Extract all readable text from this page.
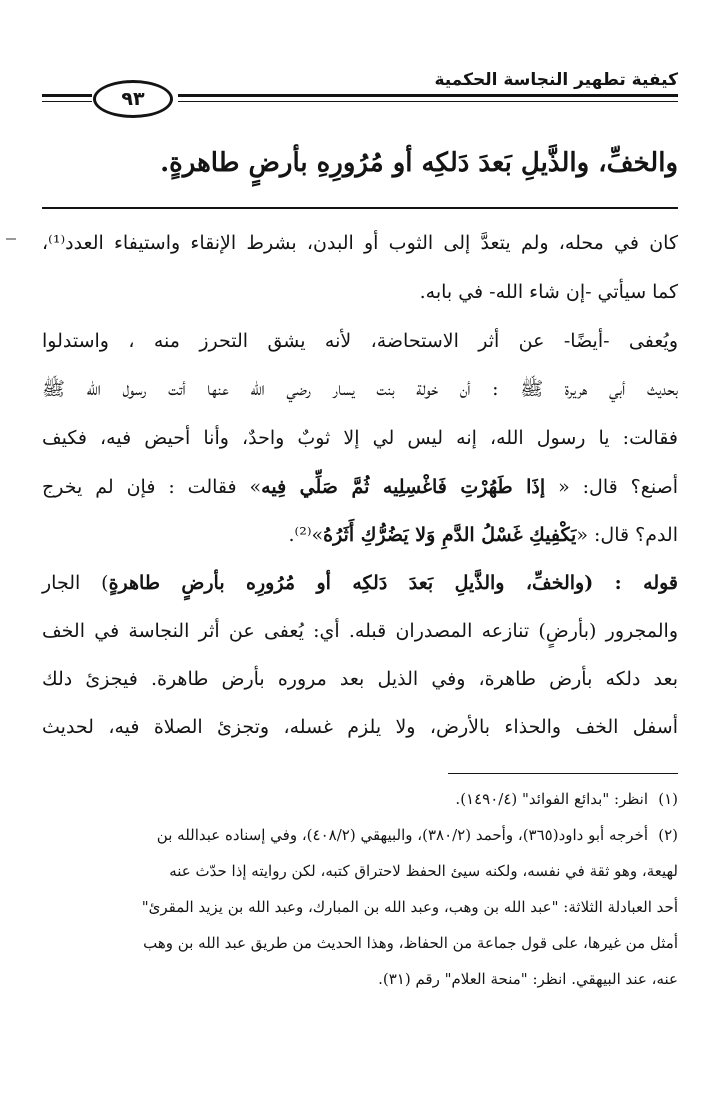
كيفية تطهير النجاسة الحكمية
٩٣
والخفِّ، والذَّيلِ بَعدَ دَلكِه أو مُرُورِهِ بأرضٍ طاهرةٍ.
كان في محله، ولم يتعدَّ إلى الثوب أو البدن، بشرط الإنقاء واستيفاء العدد⁽¹⁾،
كما سيأتي -إن شاء الله- في بابه.
ويُعفى -أيضًا- عن أثر الاستحاضة، لأنه يشق التحرز منه ، واستدلوا
بحديث أبي هريرة ﷺ : أن خولة بنت يسار رضي الله عنها أتت رسول الله ﷺ
فقالت: يا رسول الله، إنه ليس لي إلا ثوبٌ واحدٌ، وأنا أحيض فيه، فكيف
أصنع؟ قال: « إذَا طَهُرْتِ فَاغْسِلِيه ثُمَّ صَلِّي فِيه» فقالت : فإن لم يخرج
الدم؟ قال: «يَكْفِيكِ غَسْلُ الدَّمِ وَلا يَضُرُّكِ أَثَرُهُ»⁽²⁾.
قوله : (والخفِّ، والذَّيلِ بَعدَ دَلكِه أو مُرُورِه بأرضٍ طاهرةٍ) الجار
والمجرور (بأرضٍ) تنازعه المصدران قبله. أي: يُعفى عن أثر النجاسة في الخف
بعد دلكه بأرض طاهرة، وفي الذيل بعد مروره بأرض طاهرة. فيجزئ دلك
أسفل الخف والحذاء بالأرض، ولا يلزم غسله، وتجزئ الصلاة فيه، لحديث
(١)انظر: "بدائع الفوائد" (١٤٩٠/٤).
(٢)أخرجه أبو داود(٣٦٥)، وأحمد (٣٨٠/٢)، والبيهقي (٤٠٨/٢)، وفي إسناده عبدالله بن
لهيعة، وهو ثقة في نفسه، ولكنه سيئ الحفظ لاحتراق كتبه، لكن روايته إذا حدّث عنه
أحد العبادلة الثلاثة: "عبد الله بن وهب، وعبد الله بن المبارك، وعبد الله بن يزيد المقرئ"
أمثل من غيرها، على قول جماعة من الحفاظ، وهذا الحديث من طريق عبد الله بن وهب
عنه، عند البيهقي. انظر: "منحة العلام" رقم (٣١).
